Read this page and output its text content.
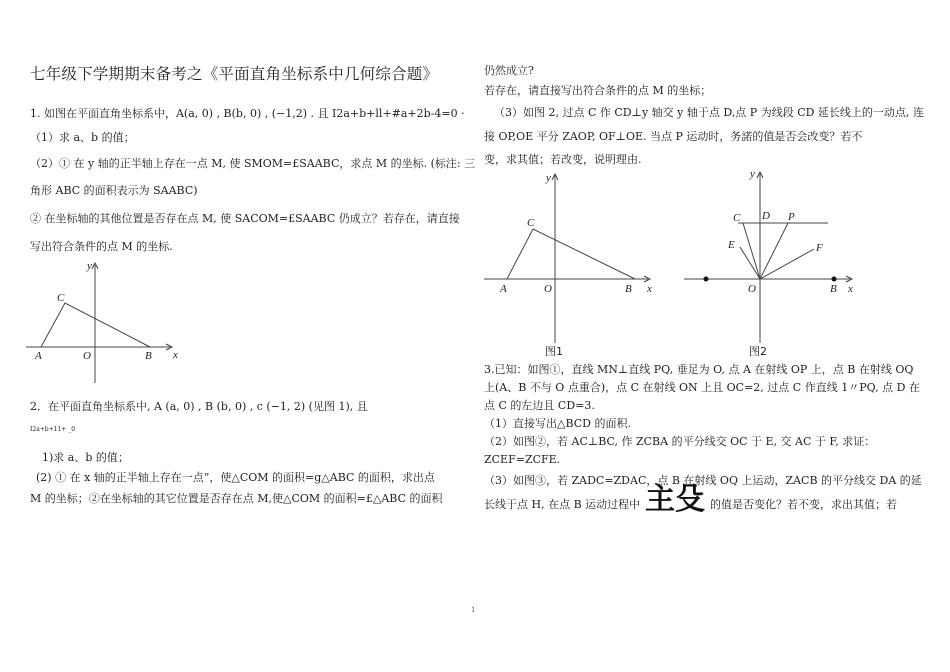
七年级下学期期末备考之《平面直角坐标系中几何综合题》
1. 如图在平面直角坐标系中，A(a, 0) , B(b, 0) , (−1,2) . 且 I2a+b+ll+#a+2b-4=0 ·
（1）求 a、b 的值；
（2）① 在 y 轴的正半轴上存在一点 M, 使 SMOM=£SAABC，求点 M 的坐标. (标注: 三
角形 ABC 的面积表示为 SAABC)
② 在坐标轴的其他位置是否存在点 M, 使 SACOM=£SAABC 仍成立？若存在，请直接
写出符合条件的点 M 的坐标.
y
C
A	O	B x
2．在平面直角坐标系中, A (a, 0) , B (b, 0) , c (−1, 2) (见图 1), 且
I2a+b+11+ _0
1)求 a、b 的值；
(2) ① 在 x 轴的正半轴上存在一点”，使△COM 的面积=g△ABC 的面积，求出点
M 的坐标；②在坐标轴的其它位置是否存在点 M,使△COM 的面积=£△ABC 的面积
仍然成立?
若存在，请直接写出符合条件的点 M 的坐标；
（3）如图 2, 过点 C 作 CD⊥y 轴交 y 轴于点 D,点 P 为线段 CD 延长线上的一动点, 连
接 OP,OE 平分 ZAOP, OF⊥OE. 当点 P 运动时，务諾的值是否会改变？若不
变，求其值；若改变，说明理由.
y
C
A	O	B x
图1
y
C D P
E	F
O	B x
图2
3.已知：如图①，直线 MN⊥直线 PQ, 垂足为 O, 点 A 在射线 OP 上，点 B 在射线 OQ
上(A、B 不与 O 点重合)，点 C 在射线 ON 上且 OC=2, 过点 C 作直线 1〃PQ, 点 D 在
点 C 的左边且 CD=3.
（1）直接写出△BCD 的面积.
（2）如图②，若 AC⊥BC, 作 ZCBA 的平分线交 OC 于 E, 交 AC 于 F, 求证：
ZCEF=ZCFE.
（3）如图③，若 ZADC=ZDAC，点 B 在射线 OQ 上运动，ZACB 的平分线交 DA 的延
长线于点 H, 在点 B 运动过程中 主殳 的值是否变化？若不变，求出其值；若
1
